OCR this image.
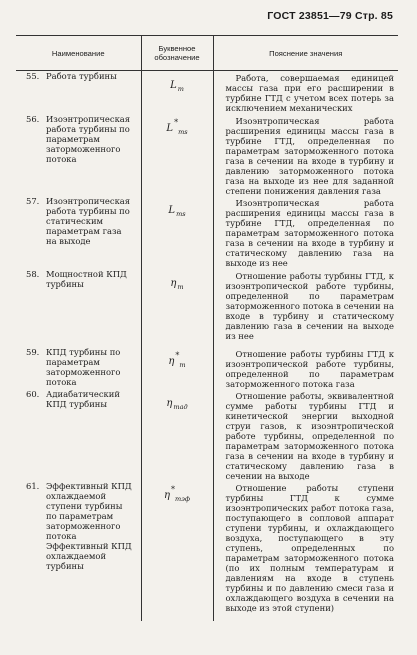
ГОСТ 23851—79 Стр. 85
Наименование	Буквенное обозначение	Пояснение значения

55. Работа турбины	$L_т$	Работа, совершаемая единицей массы газа при его расширении в турбине ГТД с учетом всех потерь за исключением механических

56. Изоэнтропическая работа турбины по параметрам заторможенного потока	$L^*_{тs}$	Изоэнтропическая работа расширения единицы массы газа в турбине ГТД, определенная по параметрам заторможенного потока газа в сечении на входе в турбину и давлению заторможенного потока газа на выходе из нее для заданной степени понижения давления газа

57. Изоэнтропическая работа турбины по статическим параметрам газа на выходе	$L_{тs}$	Изоэнтропическая работа расширения единицы массы газа в турбине ГТД, определенная по параметрам заторможенного потока газа в сечении на входе в турбину и статическому давлению газа на выходе из нее

58. Мощностной КПД турбины	$\eta_т$	Отношение работы турбины ГТД, к изоэнтропической работе турбины, определенной по параметрам заторможенного потока в сечении на входе в турбину и статическому давлению газа в сечении на выходе из нее

59. КПД турбины по параметрам заторможенного потока	$\eta^*_т$	Отношение работы турбины ГТД к изоэнтропической работе турбины, определенной по параметрам заторможенного потока газа

60. Адиабатический КПД турбины	$\eta_{тад}$	Отношение работы, эквивалентной сумме работы турбины ГТД и кинетической энергии выходной струи газов, к изоэнтропической работе турбины, определенной по параметрам заторможенного потока газа в сечении на входе в турбину и статическому давлению газа в сечении на выходе

61. Эффективный КПД охлаждаемой ступени турбины по параметрам заторможенного потока Эффективный КПД охлаждаемой турбины	$\eta^*_{тэф}$	Отношение работы ступени турбины ГТД к сумме изоэнтропических работ потока газа, поступающего в сопловой аппарат ступени турбины, и охлаждающего воздуха, поступающего в эту ступень, определенных по параметрам заторможенного потока (по их полным температурам и давлениям на входе в ступень турбины и по давлению смеси газа и охлаждающего воздуха в сечении на выходе из этой ступени)
